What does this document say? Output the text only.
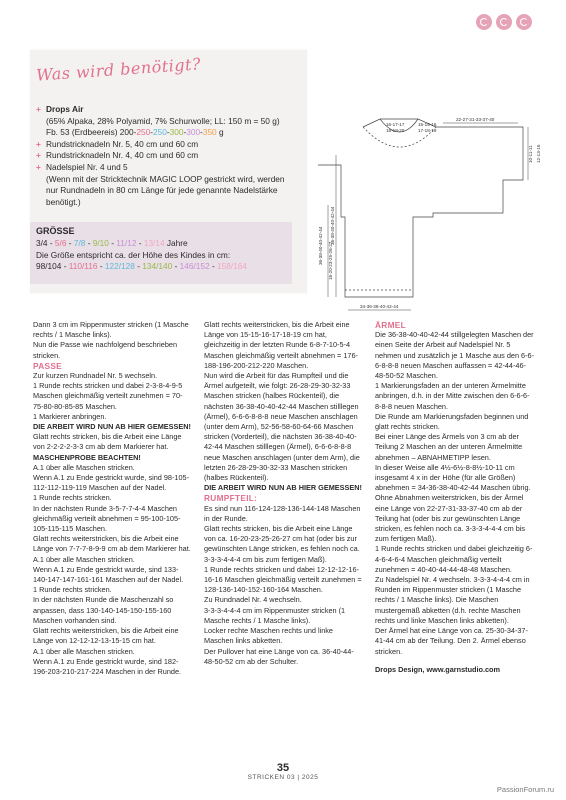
Was wird benötigt?
+ Drops Air
(65% Alpaka, 28% Polyamid, 7% Schurwolle; LL: 150 m = 50 g)
Fb. 53 (Erdbeereis) 200-250-250-300-300-350 g
+ Rundstricknadeln Nr. 5, 40 cm und 60 cm
+ Rundstricknadeln Nr. 4, 40 cm und 60 cm
+ Nadelspiel Nr. 4 und 5
(Wenn mit der Stricktechnik MAGIC LOOP gestrickt wird, werden nur Rundnadeln in 80 cm Länge für jede genannte Nadelstärke benötigt.)
GRÖSSE
3/4 - 5/6 - 7/8 - 9/10 - 11/12 - 13/14 Jahre
Die Größe entspricht ca. der Höhe des Kindes in cm:
98/104 - 110/116 - 122/128 - 134/140 - 146/152 - 158/164
16-17-17
18-18-20
15-15-16
17-18-19
22-27-31-33-37-40
10-11-11 12-13-15
36-38-40-40-42-44
36-38-40-40-42-44
16-20-23-25-26-27
34-36-38-40-42-44

Dann 3 cm im Rippenmuster stricken (1 Masche rechts / 1 Masche links).

Nun die Passe wie nachfolgend beschrieben stricken.

PASSE

Zur kurzen Rundnadel Nr. 5 wechseln.

1 Runde rechts stricken und dabei 2-3-8-4-9-5 Maschen gleichmäßig verteilt zunehmen = 70-75-80-80-85-85 Maschen.

1 Markierer anbringen.

DIE ARBEIT WIRD NUN AB HIER GEMESSEN!

Glatt rechts stricken, bis die Arbeit eine Länge von 2-2-2-2-3-3 cm ab dem Markierer hat.

MASCHENPROBE BEACHTEN!

A.1 über alle Maschen stricken.

Wenn A.1 zu Ende gestrickt wurde, sind 98-105-112-112-119-119 Maschen auf der Nadel.

1 Runde rechts stricken.

In der nächsten Runde 3-5-7-7-4-4 Maschen gleichmäßig verteilt abnehmen = 95-100-105-105-115-115 Maschen.

Glatt rechts weiterstricken, bis die Arbeit eine Länge von 7-7-7-8-9-9 cm ab dem Markierer hat.

A.1 über alle Maschen stricken.

Wenn A.1 zu Ende gestrickt wurde, sind 133-140-147-147-161-161 Maschen auf der Nadel.

1 Runde rechts stricken.

In der nächsten Runde die Maschenzahl so anpassen, dass 130-140-145-150-155-160 Maschen vorhanden sind.

Glatt rechts weiterstricken, bis die Arbeit eine Länge von 12-12-12-13-15-15 cm hat.

A.1 über alle Maschen stricken.

Wenn A.1 zu Ende gestrickt wurde, sind 182-196-203-210-217-224 Maschen in der Runde.

Glatt rechts weiterstricken, bis die Arbeit eine Länge von 15-15-16-17-18-19 cm hat, gleichzeitig in der letzten Runde 6-8-7-10-5-4 Maschen gleichmäßig verteilt abnehmen = 176-188-196-200-212-220 Maschen.

Nun wird die Arbeit für das Rumpfteil und die Ärmel aufgeteilt, wie folgt: 26-28-29-30-32-33 Maschen stricken (halbes Rückenteil), die nächsten 36-38-40-40-42-44 Maschen stilllegen (Ärmel), 6-6-6-8-8-8 neue Maschen anschlagen (unter dem Arm), 52-56-58-60-64-66 Maschen stricken (Vorderteil), die nächsten 36-38-40-40-42-44 Maschen stilllegen (Ärmel), 6-6-6-8-8-8 neue Maschen anschlagen (unter dem Arm), die letzten 26-28-29-30-32-33 Maschen stricken (halbes Rückenteil).

DIE ARBEIT WIRD NUN AB HIER GEMESSEN!

RUMPFTEIL:

Es sind nun 116-124-128-136-144-148 Maschen in der Runde.

Glatt rechts stricken, bis die Arbeit eine Länge von ca. 16-20-23-25-26-27 cm hat (oder bis zur gewünschten Länge stricken, es fehlen noch ca. 3-3-3-4-4-4 cm bis zum fertigen Maß).

1 Runde rechts stricken und dabei 12-12-12-16-16-16 Maschen gleichmäßig verteilt zunehmen = 128-136-140-152-160-164 Maschen.

Zu Rundnadel Nr. 4 wechseln.

3-3-3-4-4-4 cm im Rippenmuster stricken (1 Masche rechts / 1 Masche links).

Locker rechte Maschen rechts und linke Maschen links abketten.

Der Pullover hat eine Länge von ca. 36-40-44-48-50-52 cm ab der Schulter.

ÄRMEL

Die 36-38-40-40-42-44 stillgelegten Maschen der einen Seite der Arbeit auf Nadelspiel Nr. 5 nehmen und zusätzlich je 1 Masche aus den 6-6-6-8-8-8 neuen Maschen auffassen = 42-44-46-48-50-52 Maschen.

1 Markierungsfaden an der unteren Ärmelmitte anbringen, d.h. in der Mitte zwischen den 6-6-6-8-8-8 neuen Maschen.

Die Runde am Markierungsfaden beginnen und glatt rechts stricken.

Bei einer Länge des Ärmels von 3 cm ab der Teilung 2 Maschen an der unteren Ärmelmitte abnehmen – ABNAHMETIPP lesen.

In dieser Weise alle 4½-6½-8-8½-10-11 cm insgesamt 4 x in der Höhe (für alle Größen) abnehmen = 34-36-38-40-42-44 Maschen übrig.

Ohne Abnahmen weiterstricken, bis der Ärmel eine Länge von 22-27-31-33-37-40 cm ab der Teilung hat (oder bis zur gewünschten Länge stricken, es fehlen noch ca. 3-3-3-4-4-4 cm bis zum fertigen Maß).

1 Runde rechts stricken und dabei gleichzeitig 6-4-6-4-6-4 Maschen gleichmäßig verteilt zunehmen = 40-40-44-44-48-48 Maschen.

Zu Nadelspiel Nr. 4 wechseln. 3-3-3-4-4-4 cm in Runden im Rippenmuster stricken (1 Masche rechts / 1 Masche links). Die Maschen mustergemäß abketten (d.h. rechte Maschen rechts und linke Maschen links abketten).

Der Ärmel hat eine Länge von ca. 25-30-34-37-41-44 cm ab der Teilung. Den 2. Ärmel ebenso stricken.

Drops Design, www.garnstudio.com

35
STRICKEN 03 | 2025
PassionForum.ru
